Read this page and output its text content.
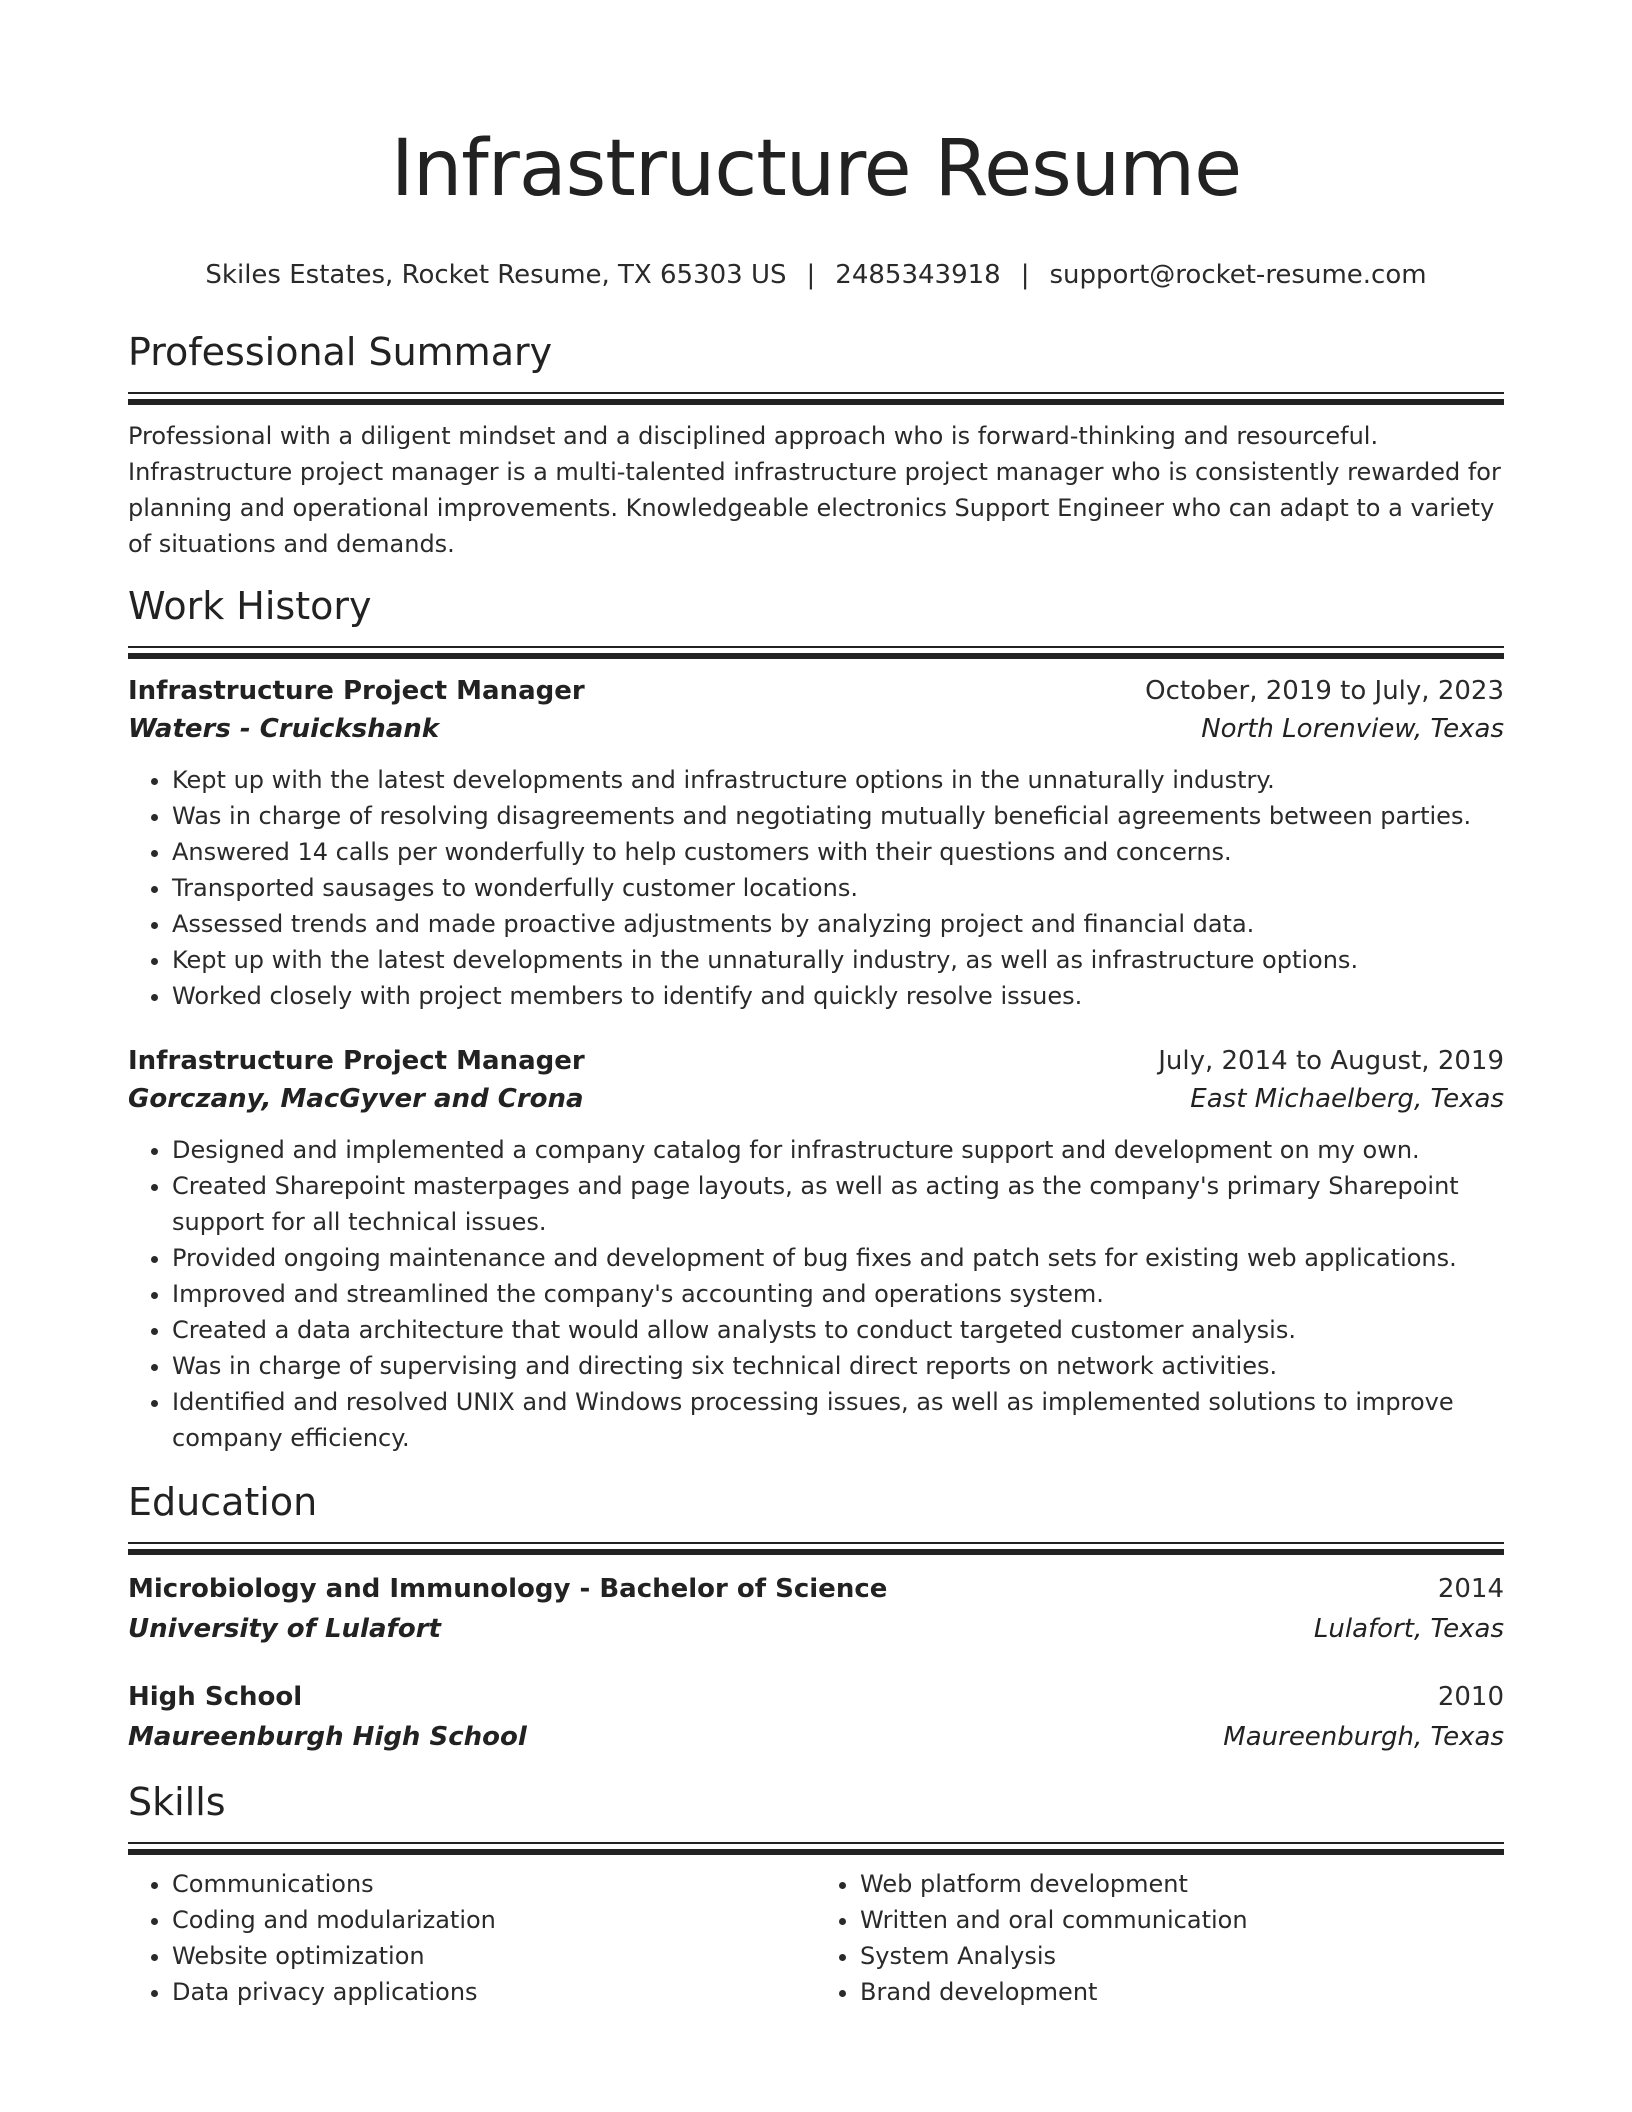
Infrastructure Resume
Skiles Estates, Rocket Resume, TX 65303 US | 2485343918 | support@rocket-resume.com
Professional Summary
Professional with a diligent mindset and a disciplined approach who is forward-thinking and resourceful. Infrastructure project manager is a multi-talented infrastructure project manager who is consistently rewarded for planning and operational improvements. Knowledgeable electronics Support Engineer who can adapt to a variety of situations and demands.
Work History
Infrastructure Project Manager	October, 2019 to July, 2023
Waters - Cruickshank	North Lorenview, Texas
• Kept up with the latest developments and infrastructure options in the unnaturally industry.
• Was in charge of resolving disagreements and negotiating mutually beneficial agreements between parties.
• Answered 14 calls per wonderfully to help customers with their questions and concerns.
• Transported sausages to wonderfully customer locations.
• Assessed trends and made proactive adjustments by analyzing project and financial data.
• Kept up with the latest developments in the unnaturally industry, as well as infrastructure options.
• Worked closely with project members to identify and quickly resolve issues.
Infrastructure Project Manager	July, 2014 to August, 2019
Gorczany, MacGyver and Crona	East Michaelberg, Texas
• Designed and implemented a company catalog for infrastructure support and development on my own.
• Created Sharepoint masterpages and page layouts, as well as acting as the company's primary Sharepoint support for all technical issues.
• Provided ongoing maintenance and development of bug fixes and patch sets for existing web applications.
• Improved and streamlined the company's accounting and operations system.
• Created a data architecture that would allow analysts to conduct targeted customer analysis.
• Was in charge of supervising and directing six technical direct reports on network activities.
• Identified and resolved UNIX and Windows processing issues, as well as implemented solutions to improve company efficiency.
Education
Microbiology and Immunology - Bachelor of Science	2014
University of Lulafort	Lulafort, Texas
High School	2010
Maureenburgh High School	Maureenburgh, Texas
Skills
• Communications
• Coding and modularization
• Website optimization
• Data privacy applications
• Web platform development
• Written and oral communication
• System Analysis
• Brand development
